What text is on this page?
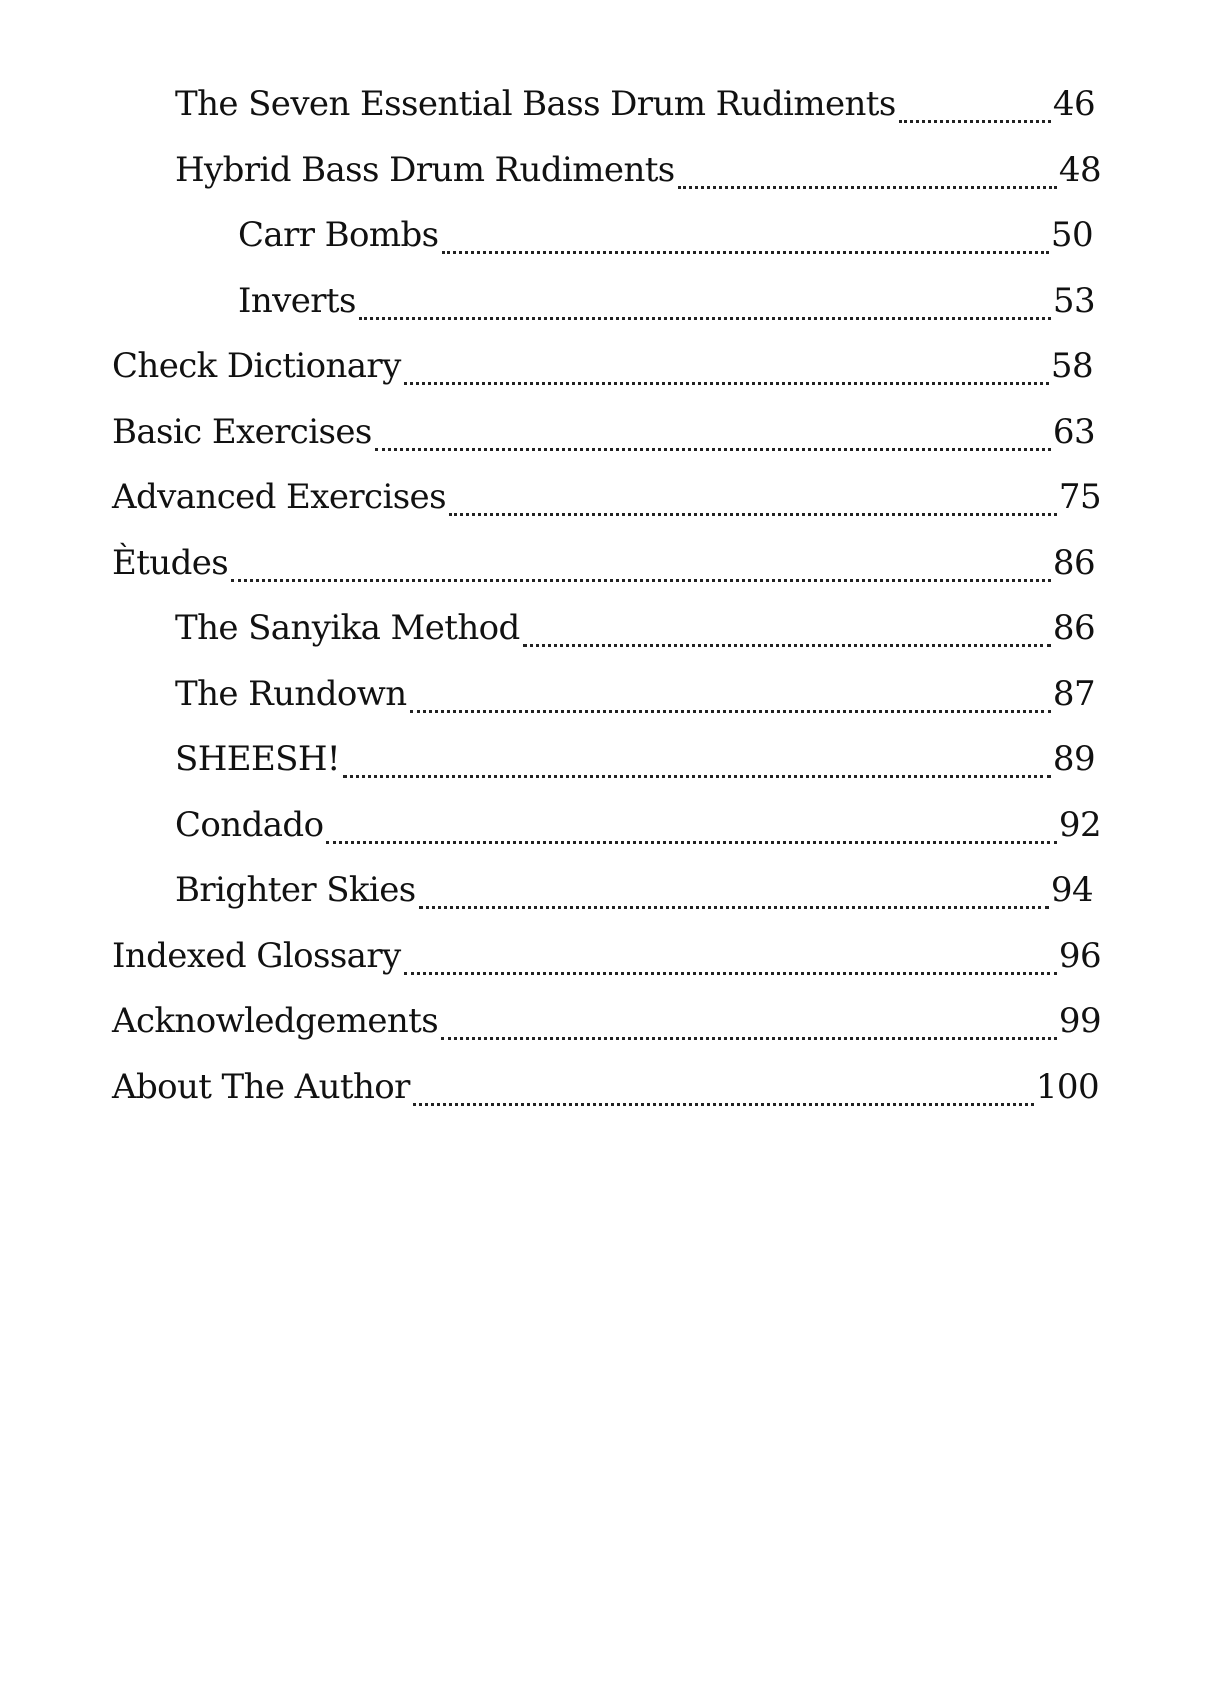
The Seven Essential Bass Drum Rudiments	46
Hybrid Bass Drum Rudiments	48
Carr Bombs	50
Inverts	53
Check Dictionary	58
Basic Exercises	63
Advanced Exercises	75
Ètudes	86
The Sanyika Method	86
The Rundown	87
SHEESH!	89
Condado	92
Brighter Skies	94
Indexed Glossary	96
Acknowledgements	99
About The Author	100
